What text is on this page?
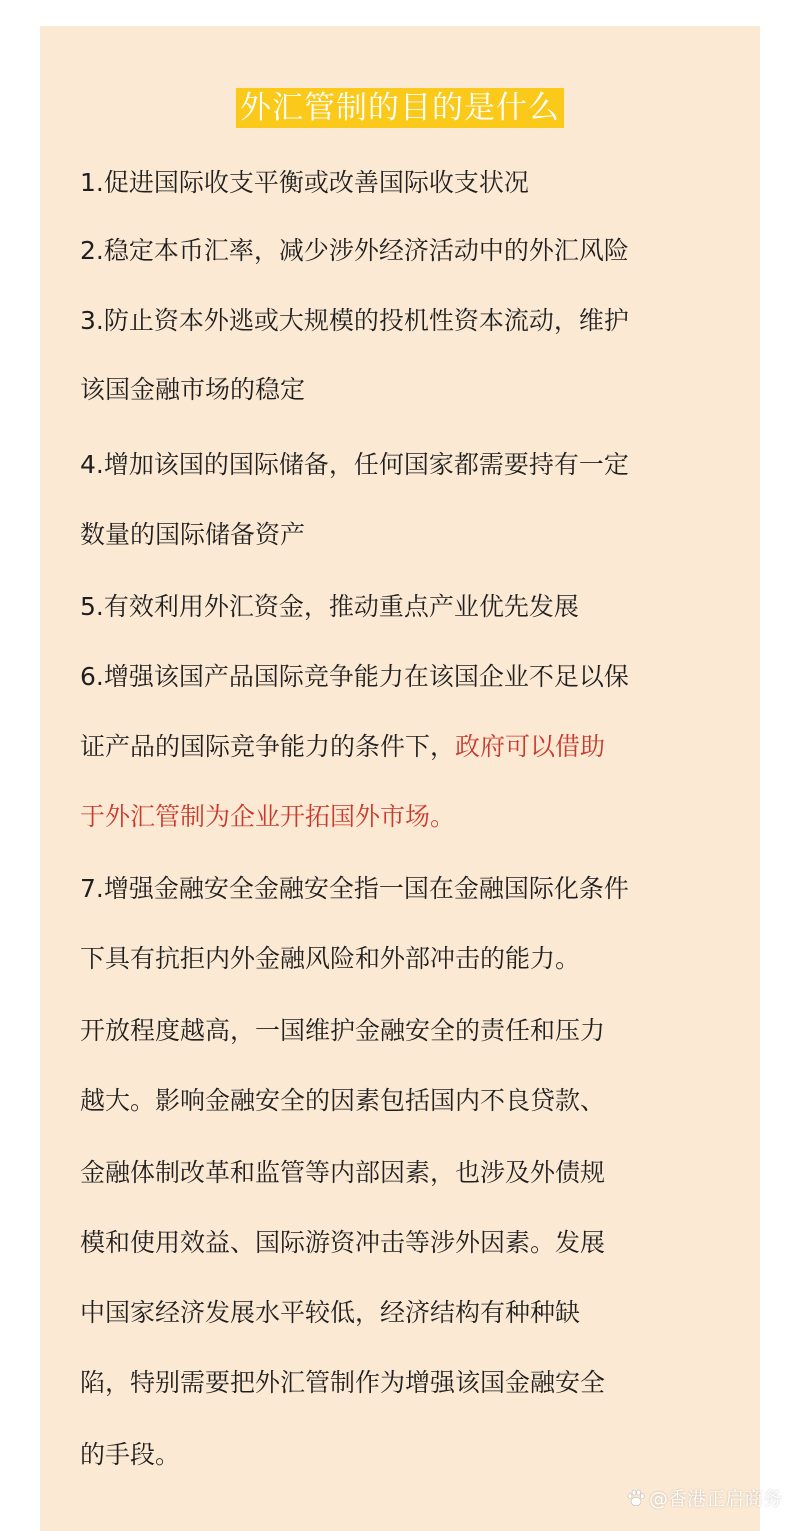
外汇管制的目的是什么
1.促进国际收支平衡或改善国际收支状况
2.稳定本币汇率，减少涉外经济活动中的外汇风险
3.防止资本外逃或大规模的投机性资本流动，维护
该国金融市场的稳定
4.增加该国的国际储备，任何国家都需要持有一定
数量的国际储备资产
5.有效利用外汇资金，推动重点产业优先发展
6.增强该国产品国际竞争能力在该国企业不足以保
证产品的国际竞争能力的条件下，政府可以借助
于外汇管制为企业开拓国外市场。
7.增强金融安全金融安全指一国在金融国际化条件
下具有抗拒内外金融风险和外部冲击的能力。
开放程度越高，一国维护金融安全的责任和压力
越大。影响金融安全的因素包括国内不良贷款、
金融体制改革和监管等内部因素，也涉及外债规
模和使用效益、国际游资冲击等涉外因素。发展
中国家经济发展水平较低，经济结构有种种缺
陷，特别需要把外汇管制作为增强该国金融安全
的手段。
@香港正启商务
